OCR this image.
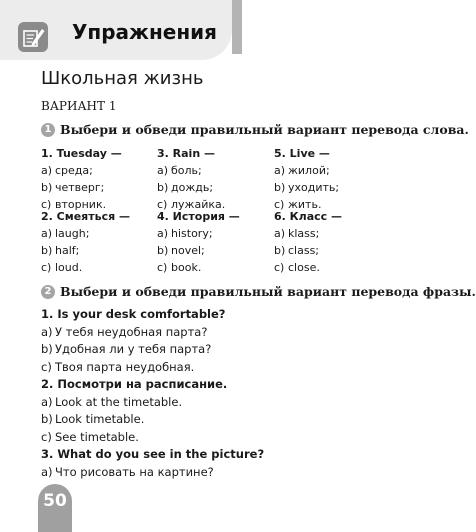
Упражнения
Школьная жизнь
ВАРИАНТ 1
1 Выбери и обведи правильный вариант перевода слова.
1. Tuesday —
a) среда;
b) четверг;
c) вторник.
3. Rain —
a) боль;
b) дождь;
c) лужайка.
5. Live —
a) жилой;
b) уходить;
c) жить.
2. Смеяться —
a) laugh;
b) half;
c) loud.
4. История —
a) history;
b) novel;
c) book.
6. Класс —
a) klass;
b) class;
c) close.
2 Выбери и обведи правильный вариант перевода фразы.
1. Is your desk comfortable?
a) У тебя неудобная парта?
b) Удобная ли у тебя парта?
c) Твоя парта неудобная.
2. Посмотри на расписание.
a) Look at the timetable.
b) Look timetable.
c) See timetable.
3. What do you see in the picture?
a) Что рисовать на картине?
50
